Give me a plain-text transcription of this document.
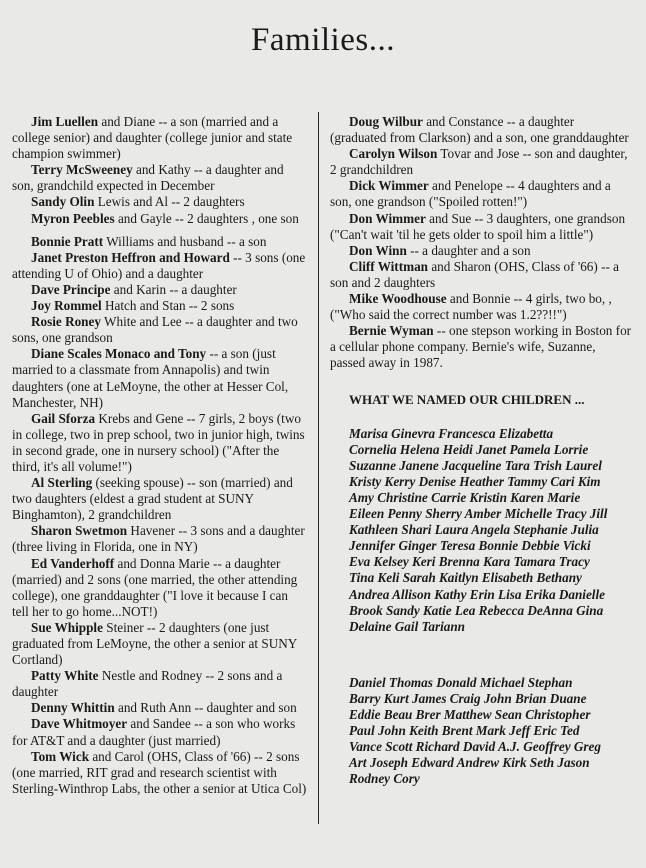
Families...

Jim Luellen and Diane -- a son (married and a college senior) and daughter (college junior and state champion swimmer)

Terry McSweeney and Kathy -- a daughter and son, grandchild expected in December

Sandy Olin Lewis and Al -- 2 daughters

Myron Peebles and Gayle -- 2 daughters , one son

Bonnie Pratt Williams and husband -- a son

Janet Preston Heffron and Howard -- 3 sons (one attending U of Ohio) and a daughter

Dave Principe and Karin -- a daughter

Joy Rommel Hatch and Stan -- 2 sons

Rosie Roney White and Lee -- a daughter and two sons, one grandson

Diane Scales Monaco and Tony -- a son (just married to a classmate from Annapolis) and twin daughters (one at LeMoyne, the other at Hesser Col, Manchester, NH)

Gail Sforza Krebs and Gene -- 7 girls, 2 boys (two in college, two in prep school, two in junior high, twins in second grade, one in nursery school) ("After the third, it's all volume!")

Al Sterling (seeking spouse) -- son (married) and two daughters (eldest a grad student at SUNY Binghamton), 2 grandchildren

Sharon Swetmon Havener -- 3 sons and a daughter (three living in Florida, one in NY)

Ed Vanderhoff and Donna Marie -- a daughter (married) and 2 sons (one married, the other attending college), one granddaughter ("I love it because I can tell her to go home...NOT!)

Sue Whipple Steiner -- 2 daughters (one just graduated from LeMoyne, the other a senior at SUNY Cortland)

Patty White Nestle and Rodney -- 2 sons and a daughter

Denny Whittin and Ruth Ann -- daughter and son

Dave Whitmoyer and Sandee -- a son who works for AT&T and a daughter (just married)

Tom Wick and Carol (OHS, Class of '66) -- 2 sons (one married, RIT grad and research scientist with Sterling-Winthrop Labs, the other a senior at Utica Col)

Doug Wilbur and Constance -- a daughter (graduated from Clarkson) and a son, one granddaughter

Carolyn Wilson Tovar and Jose -- son and daughter, 2 grandchildren

Dick Wimmer and Penelope -- 4 daughters and a son, one grandson ("Spoiled rotten!")

Don Wimmer and Sue -- 3 daughters, one grandson ("Can't wait 'til he gets older to spoil him a little")

Don Winn -- a daughter and a son

Cliff Wittman and Sharon (OHS, Class of '66) -- a son and 2 daughters

Mike Woodhouse and Bonnie -- 4 girls, two bo, , ("Who said the correct number was 1.2??!!")

Bernie Wyman -- one stepson working in Boston for a cellular phone company. Bernie's wife, Suzanne, passed away in 1987.

WHAT WE NAMED OUR CHILDREN ...
Marisa Ginevra Francesca Elizabetta
Cornelia Helena Heidi Janet Pamela Lorrie
Suzanne Janene Jacqueline Tara Trish Laurel
Kristy Kerry Denise Heather Tammy Cari Kim
Amy Christine Carrie Kristin Karen Marie
Eileen Penny Sherry Amber Michelle Tracy Jill
Kathleen Shari Laura Angela Stephanie Julia
Jennifer Ginger Teresa Bonnie Debbie Vicki
Eva Kelsey Keri Brenna Kara Tamara Tracy
Tina Keli Sarah Kaitlyn Elisabeth Bethany
Andrea Allison Kathy Erin Lisa Erika Danielle
Brook Sandy Katie Lea Rebecca DeAnna Gina
Delaine Gail Tariann
Daniel Thomas Donald Michael Stephan
Barry Kurt James Craig John Brian Duane
Eddie Beau Brer Matthew Sean Christopher
Paul John Keith Brent Mark Jeff Eric Ted
Vance Scott Richard David A.J. Geoffrey Greg
Art Joseph Edward Andrew Kirk Seth Jason
Rodney Cory
